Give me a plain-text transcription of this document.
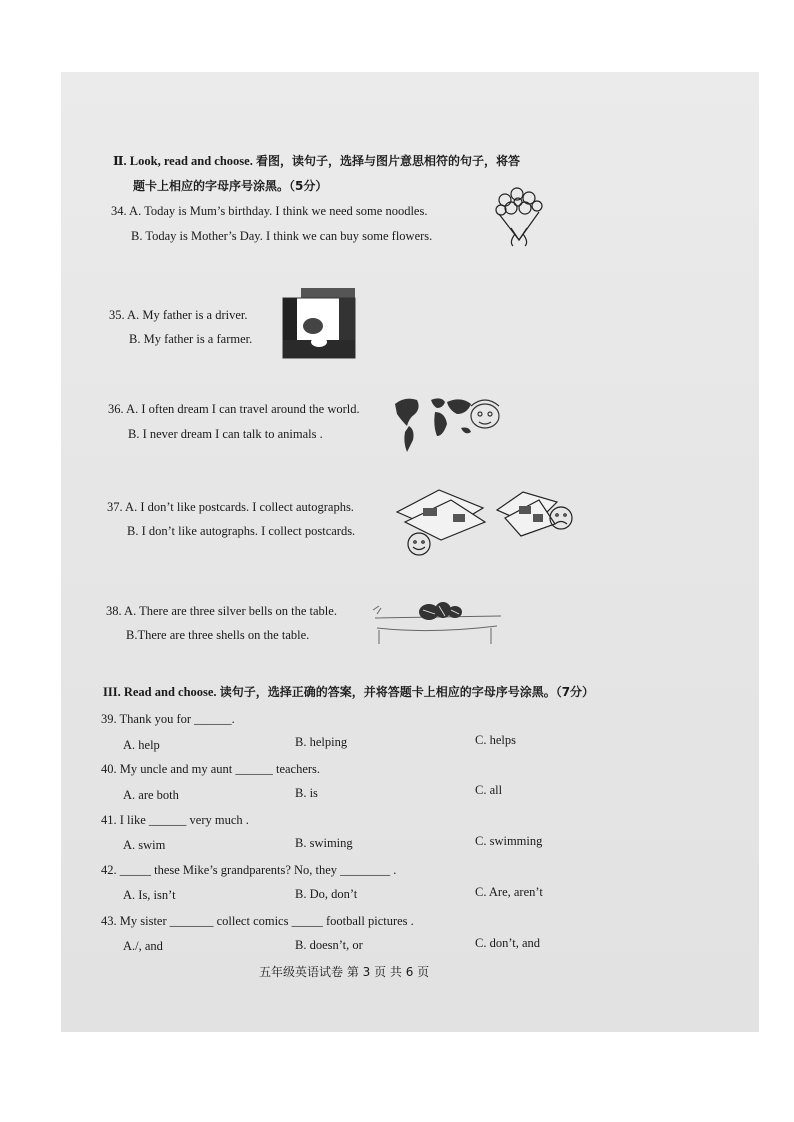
Ⅱ. Look, read and choose. 看图，读句子，选择与图片意思相符的句子，将答
题卡上相应的字母序号涂黑。（5分）
34. A. Today is Mum’s birthday. I think we need some noodles.
B. Today is Mother’s Day. I think we can buy some flowers.
35. A. My father is a driver.
B. My father is a farmer.
36. A. I often dream I can travel around the world.
B. I never dream I can talk to animals .
37. A. I don’t like postcards. I collect autographs.
B. I don’t like autographs. I collect postcards.
38. A. There are three silver bells on the table.
B.There are three shells on the table.
III. Read and choose. 读句子，选择正确的答案，并将答题卡上相应的字母序号涂黑。（7分）
39. Thank you for ______.
A. help	B. helping	C. helps
40. My uncle and my aunt ______ teachers.
A. are both	B. is	C. all
41. I like ______ very much .
A. swim	B. swiming	C. swimming
42. _____ these Mike’s grandparents? No, they ________ .
A. Is, isn’t	B. Do, don’t	C. Are, aren’t
43. My sister _______ collect comics _____ football pictures .
A./, and	B. doesn’t, or	C. don’t, and
五年级英语试卷 第 3 页 共 6 页
